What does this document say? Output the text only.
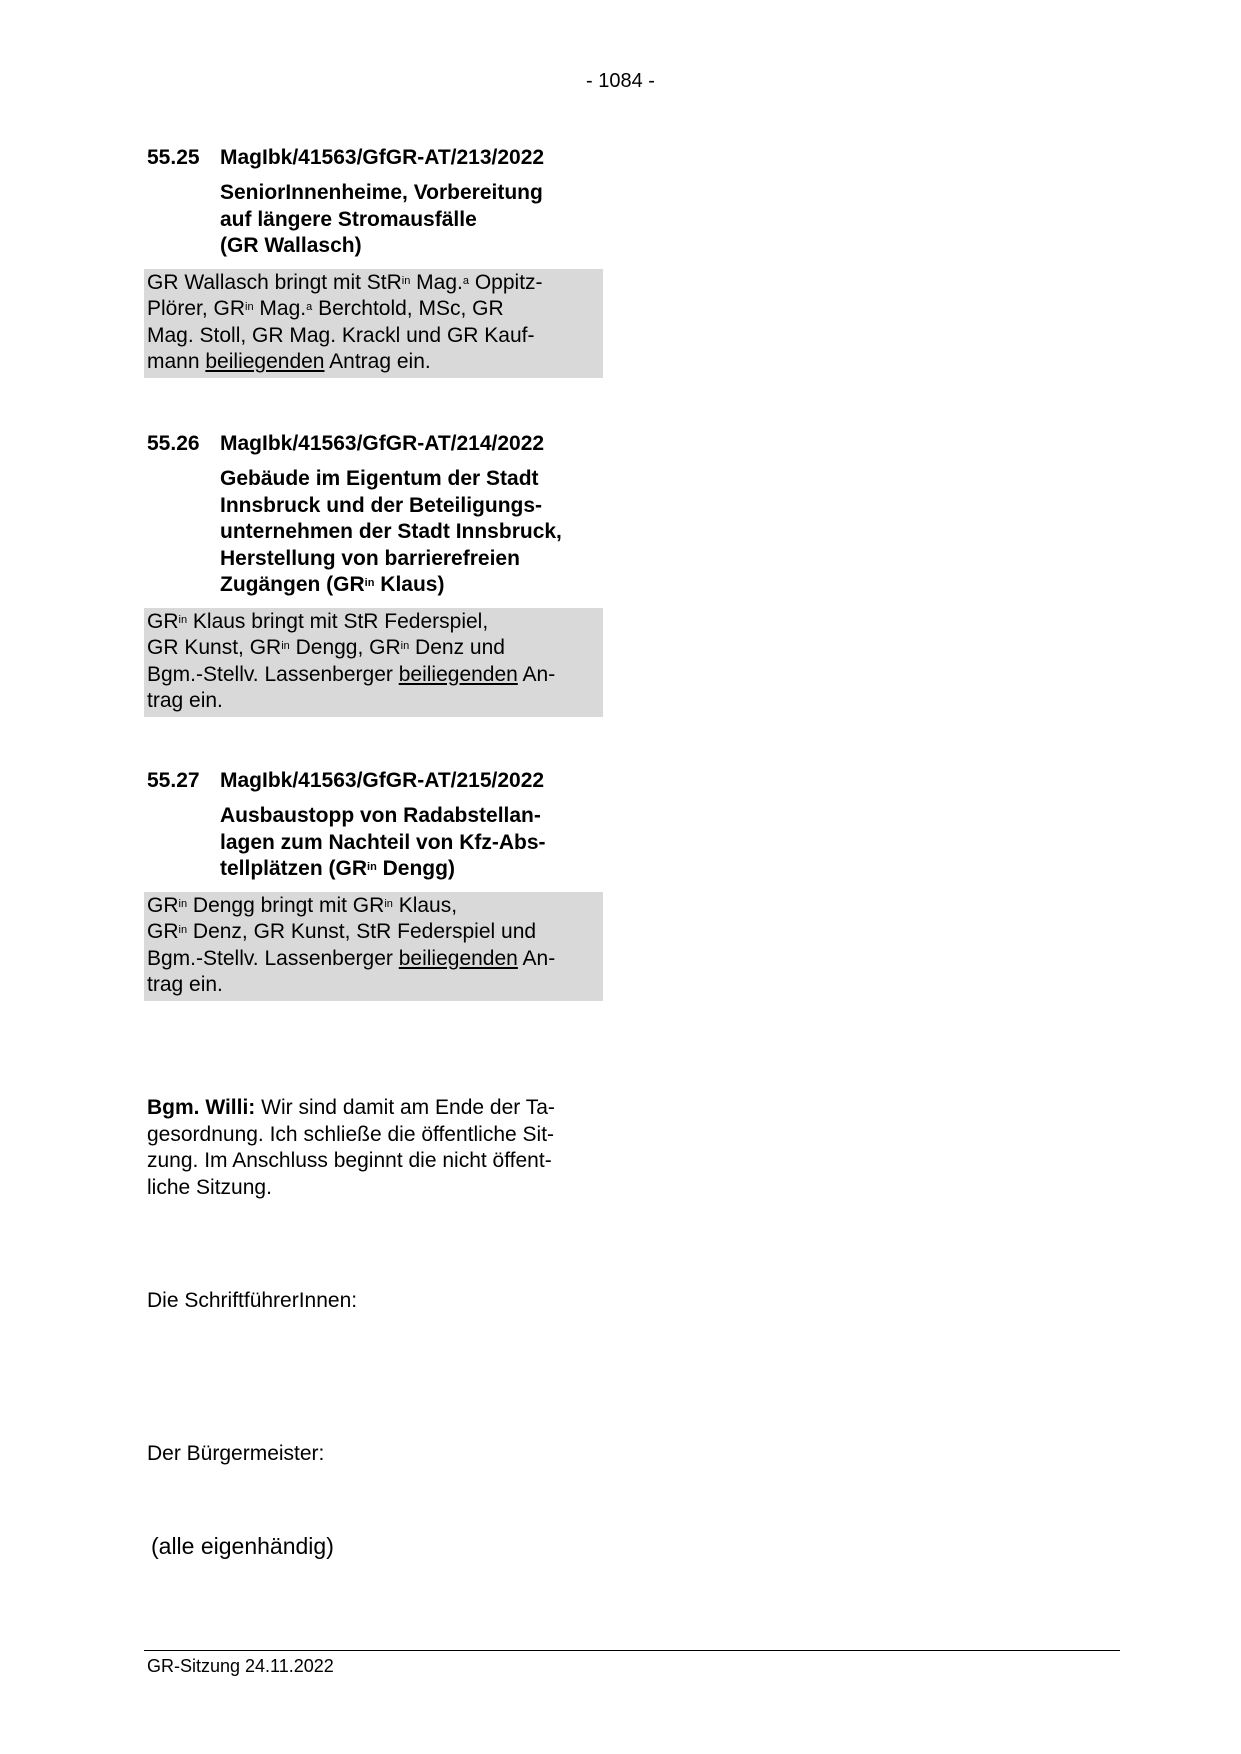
- 1084 -
55.25 MagIbk/41563/GfGR-AT/213/2022
SeniorInnenheime, Vorbereitung
auf längere Stromausfälle
(GR Wallasch)
GR Wallasch bringt mit StR$^{in}$ Mag.$^a$ Oppitz-
Plörer, $GR^{in}$ Mag.$^a$ Berchtold, MSc, GR
Mag. Stoll, GR Mag. Krackl und GR Kauf-
mann beiliegenden Antrag ein.
55.26 MagIbk/41563/GfGR-AT/214/2022
Gebäude im Eigentum der Stadt
Innsbruck und der Beteiligungs-
unternehmen der Stadt Innsbruck,
Herstellung von barrierefreien
Zugängen ($GR^{in}$ Klaus)
$GR^{in}$ Klaus bringt mit StR Federspiel,
GR Kunst, $GR^{in}$ Dengg, $GR^{in}$ Denz und
Bgm.-Stellv. Lassenberger beiliegenden An-
trag ein.
55.27 MagIbk/41563/GfGR-AT/215/2022
Ausbaustopp von Radabstellan-
lagen zum Nachteil von Kfz-Abs-
tellplätzen ($GR^{in}$ Dengg)
$GR^{in}$ Dengg bringt mit $GR^{in}$ Klaus,
$GR^{in}$ Denz, GR Kunst, StR Federspiel und
Bgm.-Stellv. Lassenberger beiliegenden An-
trag ein.
Bgm. Willi: Wir sind damit am Ende der Ta-
gesordnung. Ich schließe die öffentliche Sit-
zung. Im Anschluss beginnt die nicht öffent-
liche Sitzung.
Die SchriftführerInnen:
Der Bürgermeister:
(alle eigenhändig)
GR-Sitzung 24.11.2022
